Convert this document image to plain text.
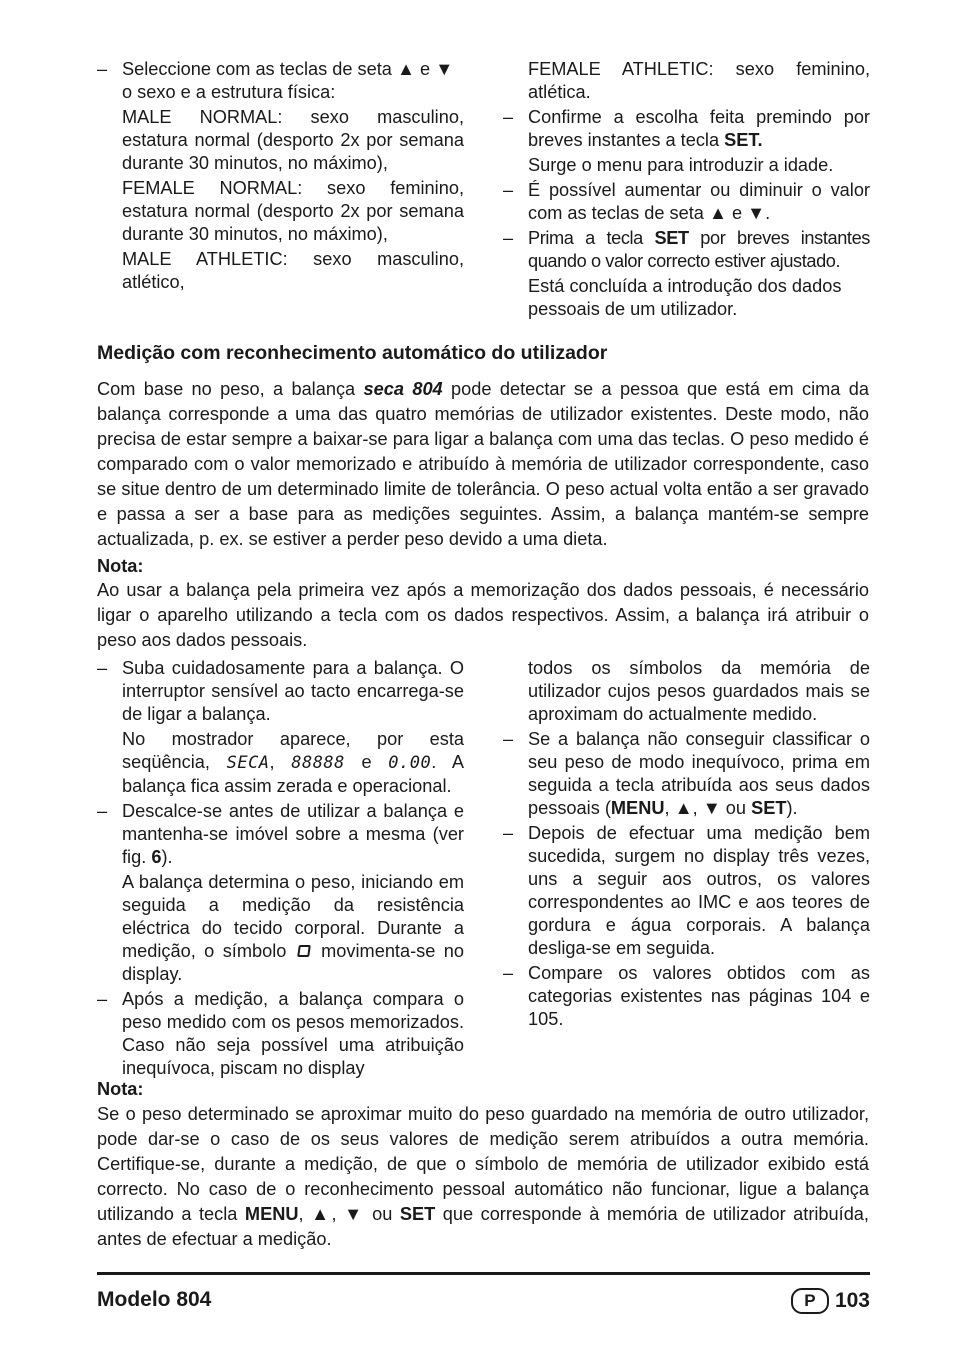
– Seleccione com as teclas de seta ▲ e ▼ o sexo e a estrutura física:

MALE NORMAL: sexo masculino, estatura normal (desporto 2x por semana durante 30 minutos, no máximo),

FEMALE NORMAL: sexo feminino, estatura normal (desporto 2x por semana durante 30 minutos, no máximo),

MALE ATHLETIC: sexo masculino, atlético,

FEMALE ATHLETIC: sexo feminino, atlética.

– Confirme a escolha feita premindo por breves instantes a tecla SET.

Surge o menu para introduzir a idade.

– É possível aumentar ou diminuir o valor com as teclas de seta ▲ e ▼.

– Prima a tecla SET por breves instantes quando o valor correcto estiver ajustado.

Está concluída a introdução dos dados pessoais de um utilizador.

Medição com reconhecimento automático do utilizador

Com base no peso, a balança seca 804 pode detectar se a pessoa que está em cima da balança corresponde a uma das quatro memórias de utilizador existentes. Deste modo, não precisa de estar sempre a baixar-se para ligar a balança com uma das teclas. O peso medido é comparado com o valor memorizado e atribuído à memória de utilizador correspondente, caso se situe dentro de um determinado limite de tolerância. O peso actual volta então a ser gravado e passa a ser a base para as medições seguintes. Assim, a balança mantém-se sempre actualizada, p. ex. se estiver a perder peso devido a uma dieta.

Nota:

Ao usar a balança pela primeira vez após a memorização dos dados pessoais, é necessário ligar o aparelho utilizando a tecla com os dados respectivos. Assim, a balança irá atribuir o peso aos dados pessoais.

– Suba cuidadosamente para a balança. O interruptor sensível ao tacto encarrega-se de ligar a balança.

No mostrador aparece, por esta seqüência, SECA, 88888 e 0.00. A balança fica assim zerada e operacional.

– Descalce-se antes de utilizar a balança e mantenha-se imóvel sobre a mesma (ver fig. 6).

A balança determina o peso, iniciando em seguida a medição da resistência eléctrica do tecido corporal. Durante a medição, o símbolo  movimenta-se no display.

– Após a medição, a balança compara o peso medido com os pesos memorizados. Caso não seja possível uma atribuição inequívoca, piscam no display

todos os símbolos da memória de utilizador cujos pesos guardados mais se aproximam do actualmente medido.

– Se a balança não conseguir classificar o seu peso de modo inequívoco, prima em seguida a tecla atribuída aos seus dados pessoais (MENU, ▲, ▼ ou SET).

– Depois de efectuar uma medição bem sucedida, surgem no display três vezes, uns a seguir aos outros, os valores correspondentes ao IMC e aos teores de gordura e água corporais. A balança desliga-se em seguida.

– Compare os valores obtidos com as categorias existentes nas páginas 104 e 105.

Nota:

Se o peso determinado se aproximar muito do peso guardado na memória de outro utilizador, pode dar-se o caso de os seus valores de medição serem atribuídos a outra memória. Certifique-se, durante a medição, de que o símbolo de memória de utilizador exibido está correcto. No caso de o reconhecimento pessoal automático não funcionar, ligue a balança utilizando a tecla MENU, ▲, ▼ ou SET que corresponde à memória de utilizador atribuída, antes de efectuar a medição.

Modelo 804	P 103
